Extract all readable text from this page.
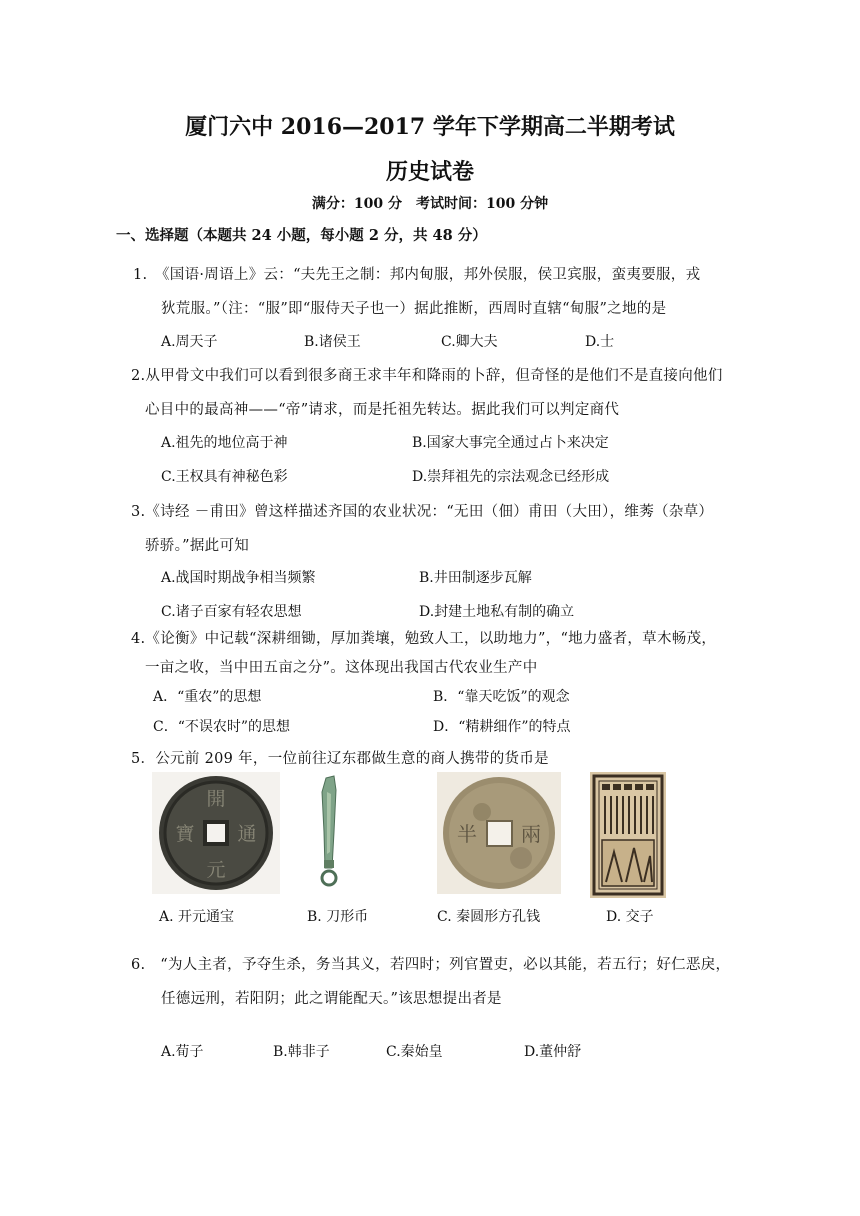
厦门六中 2016—2017 学年下学期高二半期考试
历史试卷
满分：100 分　考试时间：100 分钟
一、选择题（本题共 24 小题，每小题 2 分，共 48 分）
1.　《国语·周语上》云：“夫先王之制：邦内甸服，邦外侯服，侯卫宾服，蛮夷要服，戎
狄荒服。”（注：“服”即“服侍天子也一）据此推断，西周时直辖“甸服”之地的是
A.周天子	B.诸侯王	C.卿大夫	D.士
2.从甲骨文中我们可以看到很多商王求丰年和降雨的卜辞，但奇怪的是他们不是直接向他们
心目中的最高神——“帝”请求，而是托祖先转达。据此我们可以判定商代
A.祖先的地位高于神	B.国家大事完全通过占卜来决定
C.王权具有神秘色彩	D.崇拜祖先的宗法观念已经形成
3.《诗经 －甫田》曾这样描述齐国的农业状况：“无田（佃）甫田（大田），维莠（杂草）
骄骄。”据此可知
A.战国时期战争相当频繁	B.井田制逐步瓦解
C.诸子百家有轻农思想	D.封建土地私有制的确立
4.《论衡》中记载“深耕细锄，厚加粪壤，勉致人工，以助地力”，“地力盛者，草木畅茂，
一亩之收，当中田五亩之分”。这体现出我国古代农业生产中
A．“重农”的思想	B．“靠天吃饭”的观念
C．“不误农时”的思想	D．“精耕细作”的特点
5．公元前 209 年，一位前往辽东郡做生意的商人携带的货币是
開
元
通
寶	半 兩
A. 开元通宝	B. 刀形币	C. 秦圆形方孔钱	D. 交子
6.　“为人主者，予夺生杀，务当其义，若四时；列官置吏，必以其能，若五行；好仁恶戾，
任德远刑，若阳阴；此之谓能配天。”该思想提出者是
A.荀子	B.韩非子	C.秦始皇	D.董仲舒
